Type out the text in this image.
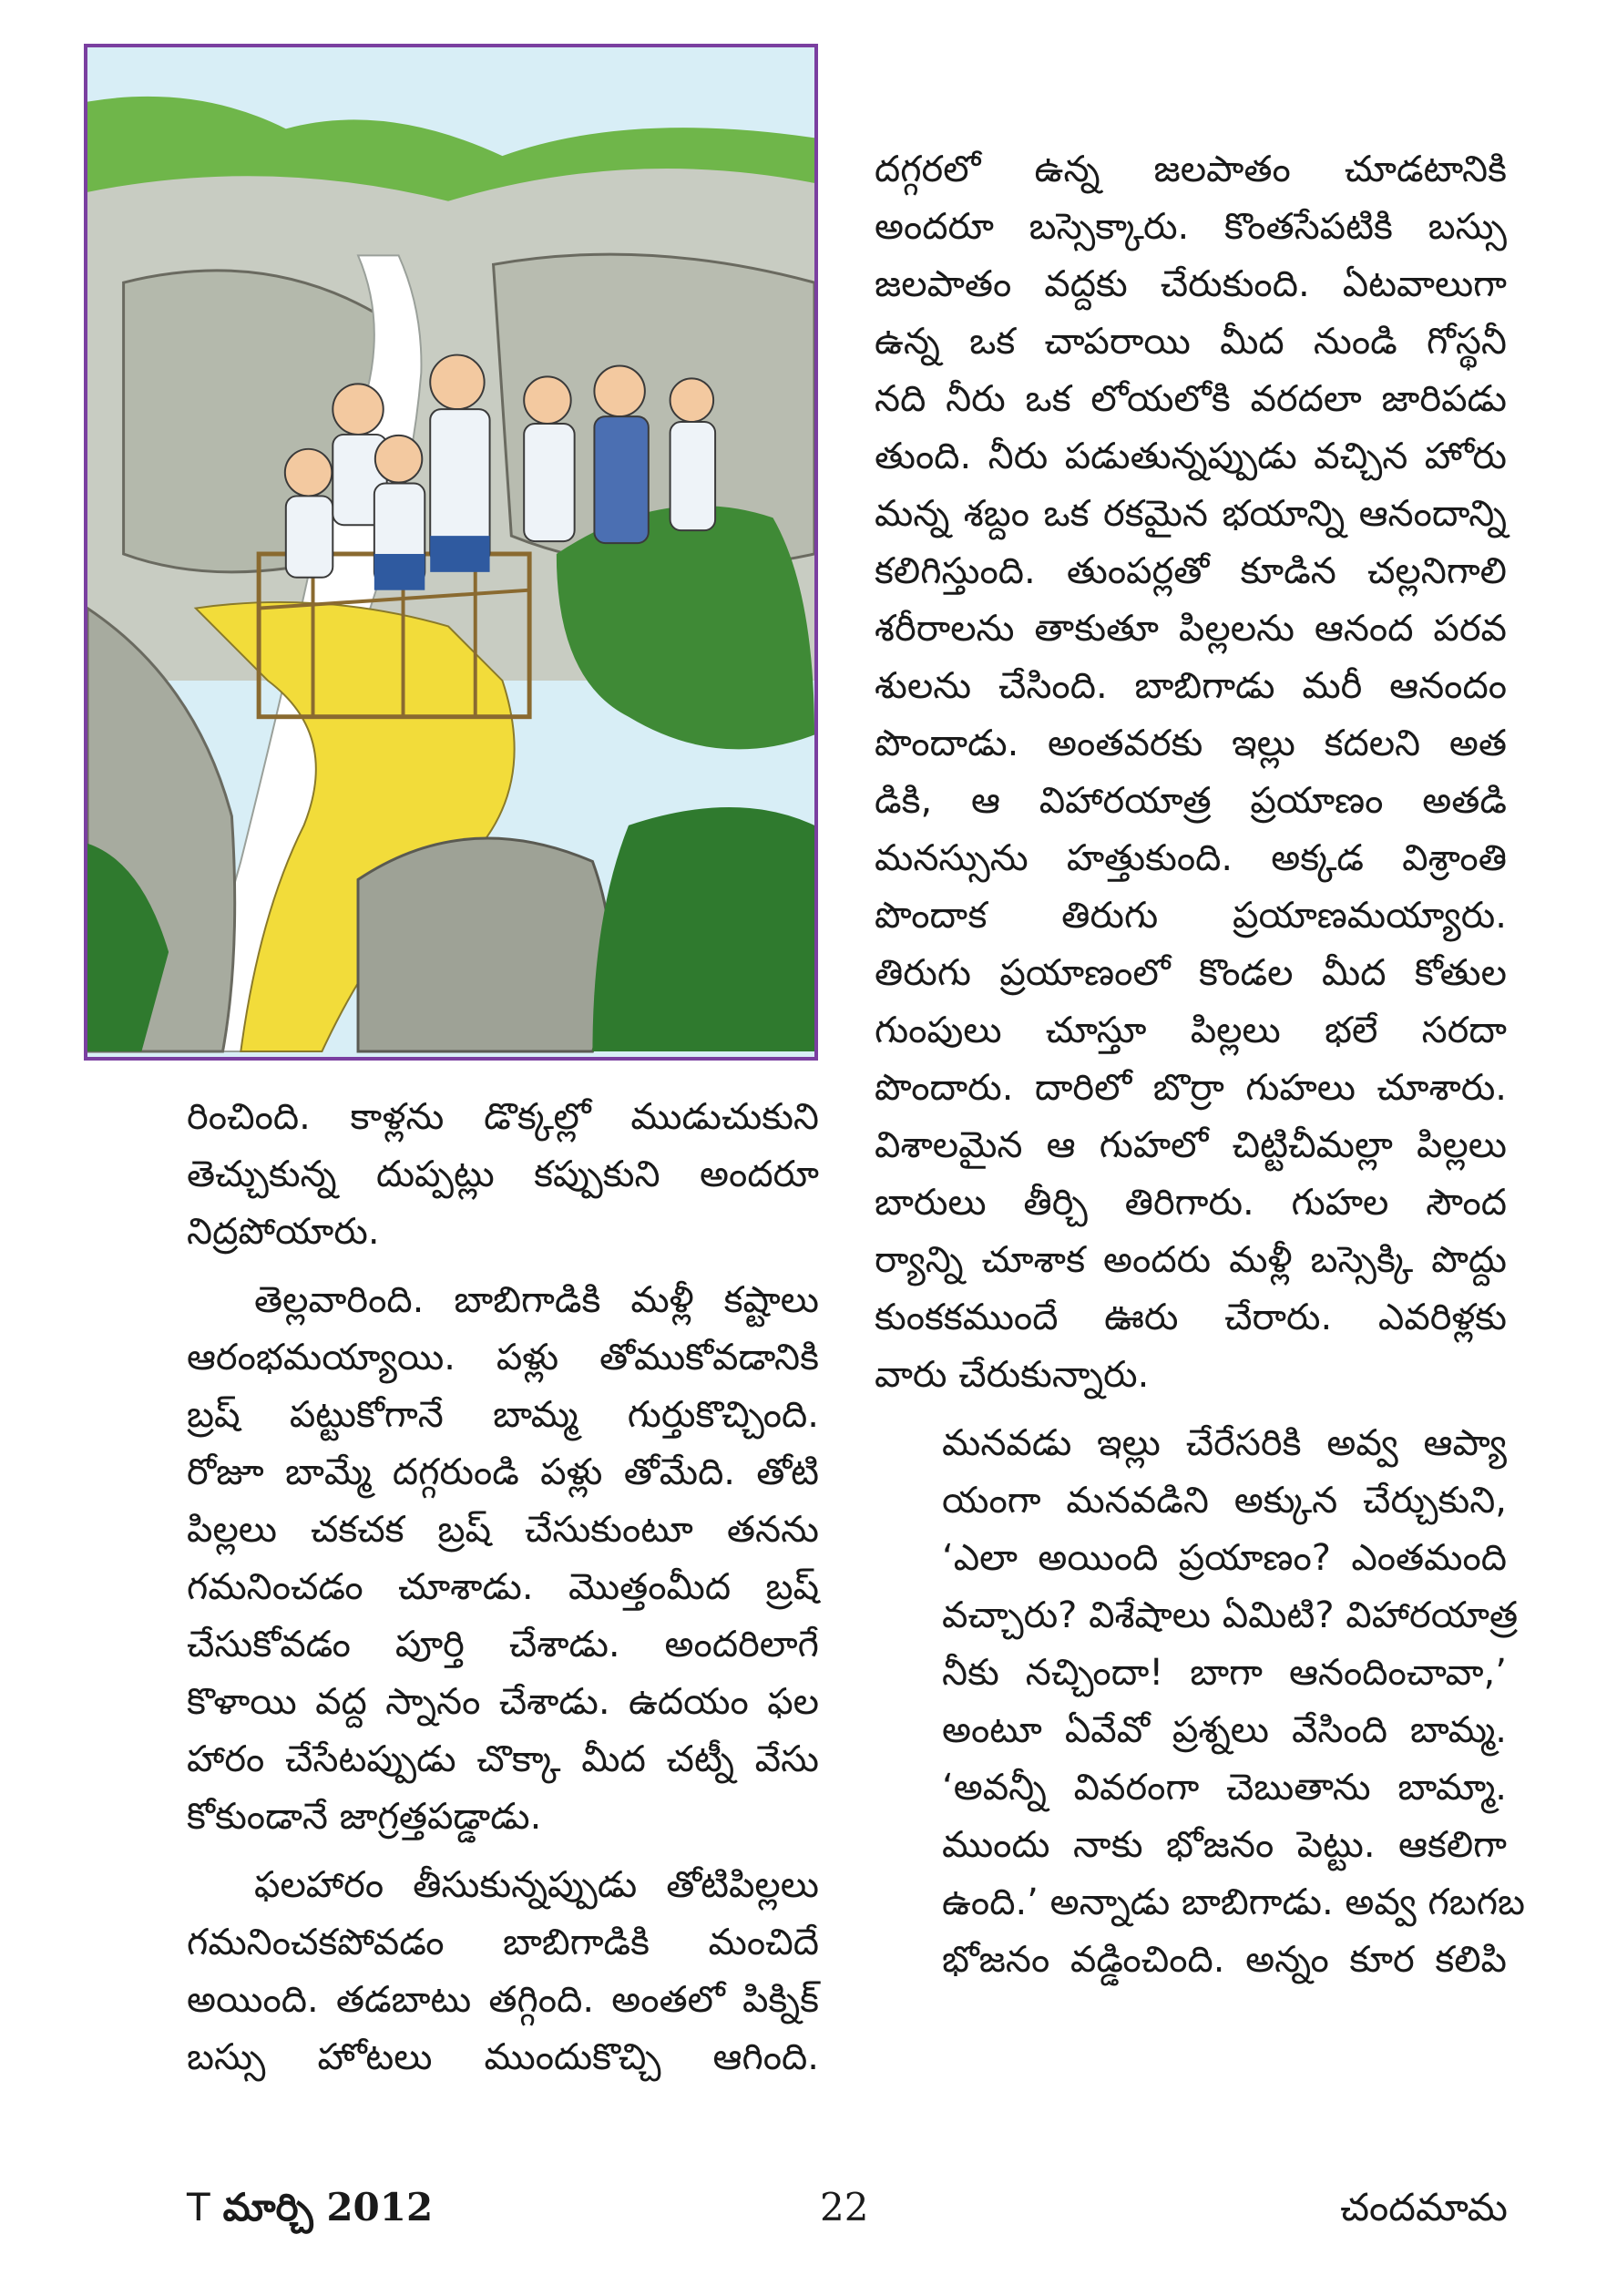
దగ్గరలో ఉన్న జలపాతం చూడటానికి
అందరూ బస్సెక్కారు. కొంతసేపటికి బస్సు
జలపాతం వద్దకు చేరుకుంది. ఏటవాలుగా
ఉన్న ఒక చాపరాయి మీద నుండి గోస్థనీ
నది నీరు ఒక లోయలోకి వరదలా జారిపడు
తుంది. నీరు పడుతున్నప్పుడు వచ్చిన హోరు
మన్న శబ్దం ఒక రకమైన భయాన్ని ఆనందాన్ని
కలిగిస్తుంది. తుంపర్లతో కూడిన చల్లనిగాలి
శరీరాలను తాకుతూ పిల్లలను ఆనంద పరవ
శులను చేసింది. బాబిగాడు మరీ ఆనందం
పొందాడు. అంతవరకు ఇల్లు కదలని అత
డికి, ఆ విహారయాత్ర ప్రయాణం అతడి
మనస్సును హత్తుకుంది. అక్కడ విశ్రాంతి
పొందాక తిరుగు ప్రయాణమయ్యారు.
తిరుగు ప్రయాణంలో కొండల మీద కోతుల
గుంపులు చూస్తూ పిల్లలు భలే సరదా
పొందారు. దారిలో బొర్రా గుహలు చూశారు.
విశాలమైన ఆ గుహలో చిట్టిచీమల్లా పిల్లలు
బారులు తీర్చి తిరిగారు. గుహల సౌంద
ర్యాన్ని చూశాక అందరు మళ్లీ బస్సెక్కి పొద్దు
కుంకకముందే ఊరు చేరారు. ఎవరిళ్లకు
వారు చేరుకున్నారు.

మనవడు ఇల్లు చేరేసరికి అవ్వ ఆప్యా
యంగా మనవడిని అక్కున చేర్చుకుని,
‘ఎలా అయింది ప్రయాణం? ఎంతమంది
వచ్చారు? విశేషాలు ఏమిటి? విహారయాత్ర
నీకు నచ్చిందా! బాగా ఆనందించావా,’
అంటూ ఏవేవో ప్రశ్నలు వేసింది బామ్మ.
‘అవన్నీ వివరంగా చెబుతాను బామ్మా.
ముందు నాకు భోజనం పెట్టు. ఆకలిగా
ఉంది.’ అన్నాడు బాబిగాడు. అవ్వ గబగబ
భోజనం వడ్డించింది. అన్నం కూర కలిపి

రించింది. కాళ్లను డొక్కల్లో ముడుచుకుని
తెచ్చుకున్న దుప్పట్లు కప్పుకుని అందరూ
నిద్రపోయారు.

తెల్లవారింది. బాబిగాడికి మళ్లీ కష్టాలు
ఆరంభమయ్యాయి. పళ్లు తోముకోవడానికి
బ్రష్ పట్టుకోగానే బామ్మ గుర్తుకొచ్చింది.
రోజూ బామ్మే దగ్గరుండి పళ్లు తోమేది. తోటి
పిల్లలు చకచక బ్రష్ చేసుకుంటూ తనను
గమనించడం చూశాడు. మొత్తంమీద బ్రష్
చేసుకోవడం పూర్తి చేశాడు. అందరిలాగే
కొళాయి వద్ద స్నానం చేశాడు. ఉదయం ఫల
హారం చేసేటప్పుడు చొక్కా మీద చట్నీ వేసు
కోకుండానే జాగ్రత్తపడ్డాడు.

ఫలహారం తీసుకున్నప్పుడు తోటిపిల్లలు
గమనించకపోవడం బాబిగాడికి మంచిదే
అయింది. తడబాటు తగ్గింది. అంతలో పిక్నిక్
బస్సు హోటలు ముందుకొచ్చి ఆగింది.

T మార్చి 2012	22	చందమామ
